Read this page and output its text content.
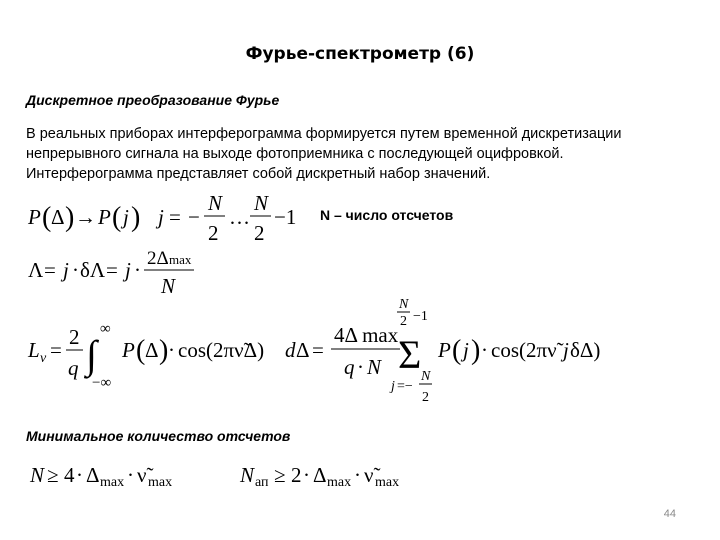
Фурье-спектрометр (6)
Дискретное преобразование Фурье
В реальных приборах интерферограмма формируется путем временной дискретизации
непрерывного сигнала на выходе фотоприемника с последующей оцифровкой.
Интерферограмма представляет собой дискретный набор значений.
P ( Δ ) → P ( j ) j = −
N
2
…
N
2
−1 N – число отсчетов
Λ = j · δΛ = j · 2Δ max
N
L ν =
2
q
∞
∫
−∞
P ( Δ ) · cos(2πν̃Δ) d Δ =
4Δ max
q · N
N
2 −1
Σ
j =−
N
2
P ( j ) · cos(2πν̃ j δΔ)
Минимальное количество отсчетов
N ≥ 4 · Δ max · ν̃ max	N ап ≥ 2 · Δ max · ν̃ max
44
